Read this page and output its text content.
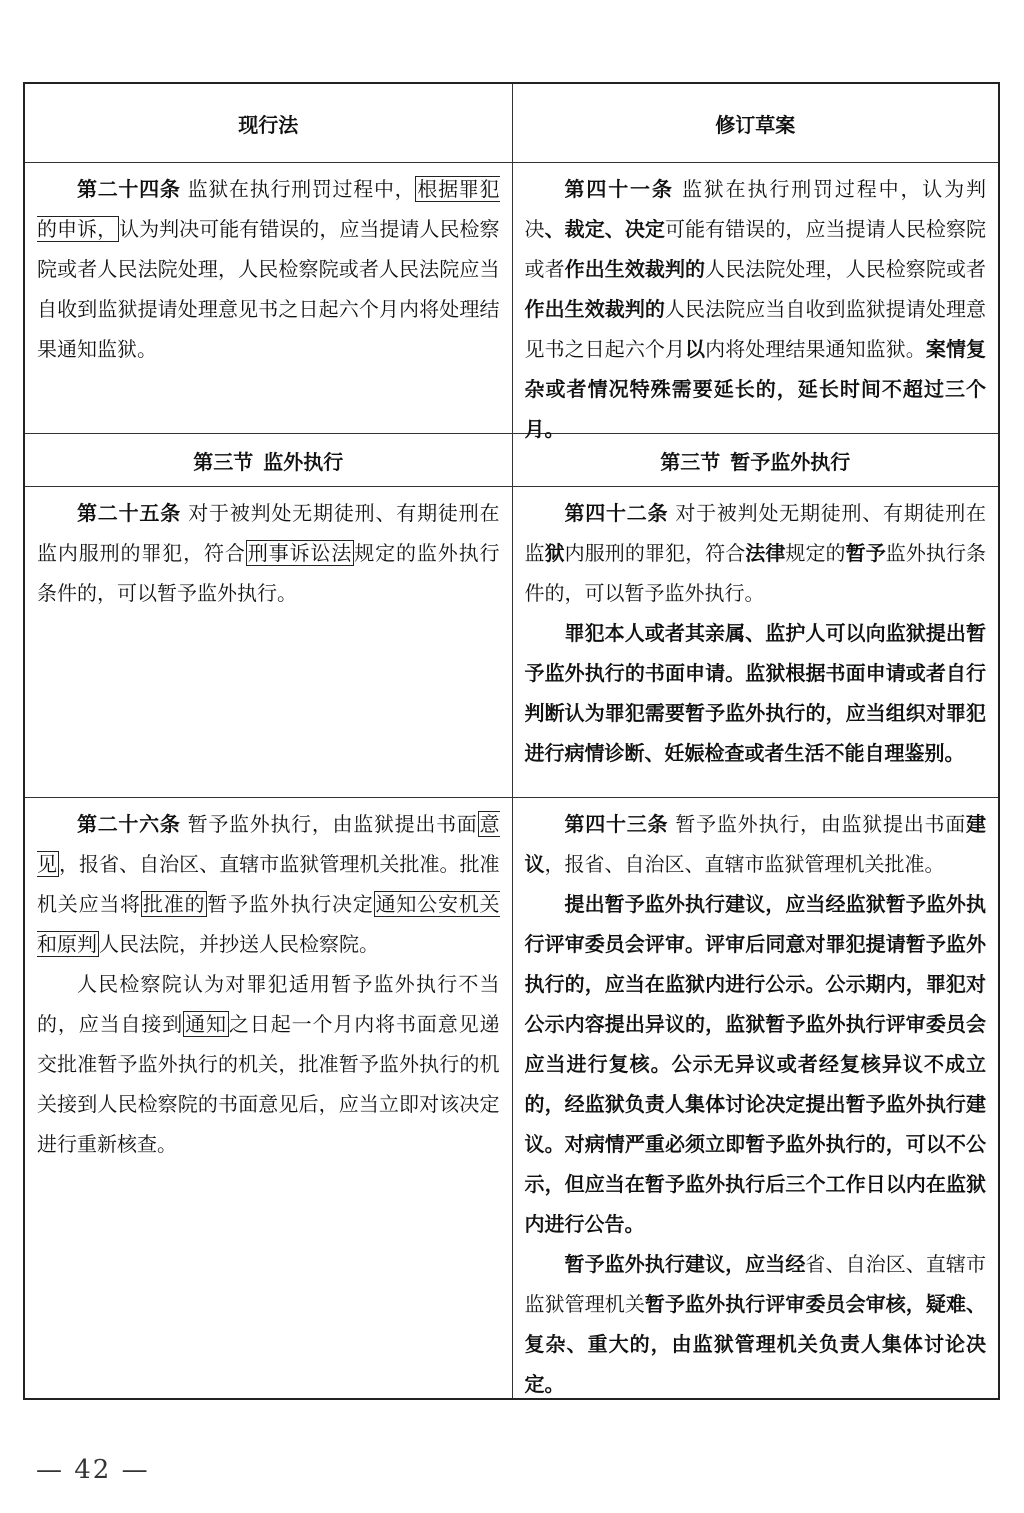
现行法	修订草案

第二十四条 监狱在执行刑罚过程中， 根据罪犯的申诉， 认为判决可能有错误的，应当提请人民检察院或者人民法院处理，人民检察院或者人民法院应当自收到监狱提请处理意见书之日起六个月内将处理结果通知监狱。

第四十一条 监狱在执行刑罚过程中，认为判决、裁定、决定可能有错误的，应当提请人民检察院或者作出生效裁判的人民法院处理，人民检察院或者作出生效裁判的人民法院应当自收到监狱提请处理意见书之日起六个月以内将处理结果通知监狱。案情复杂或者情况特殊需要延长的，延长时间不超过三个月。

第三节 监外执行	第三节 暂予监外执行

第二十五条 对于被判处无期徒刑、有期徒刑在监内服刑的罪犯，符合 刑事诉讼法 规定的监外执行条件的，可以暂予监外执行。

第四十二条 对于被判处无期徒刑、有期徒刑在监狱内服刑的罪犯，符合法律规定的暂予监外执行条件的，可以暂予监外执行。

罪犯本人或者其亲属、监护人可以向监狱提出暂予监外执行的书面申请。监狱根据书面申请或者自行判断认为罪犯需要暂予监外执行的，应当组织对罪犯进行病情诊断、妊娠检查或者生活不能自理鉴别。

第二十六条 暂予监外执行，由监狱提出书面 意见 ，报省、自治区、直辖市监狱管理机关批准。批准机关应当将 批准的 暂予监外执行决定 通知公安机关和原判 人民法院，并抄送人民检察院。

人民检察院认为对罪犯适用暂予监外执行不当的，应当自接到 通知 之日起一个月内将书面意见递交批准暂予监外执行的机关，批准暂予监外执行的机关接到人民检察院的书面意见后，应当立即对该决定进行重新核查。

第四十三条 暂予监外执行，由监狱提出书面建议，报省、自治区、直辖市监狱管理机关批准。

提出暂予监外执行建议，应当经监狱暂予监外执行评审委员会评审。评审后同意对罪犯提请暂予监外执行的，应当在监狱内进行公示。公示期内，罪犯对公示内容提出异议的，监狱暂予监外执行评审委员会应当进行复核。公示无异议或者经复核异议不成立的，经监狱负责人集体讨论决定提出暂予监外执行建议。对病情严重必须立即暂予监外执行的，可以不公示，但应当在暂予监外执行后三个工作日以内在监狱内进行公告。

暂予监外执行建议，应当经省、自治区、直辖市监狱管理机关暂予监外执行评审委员会审核，疑难、复杂、重大的，由监狱管理机关负责人集体讨论决定。

— 42 —
